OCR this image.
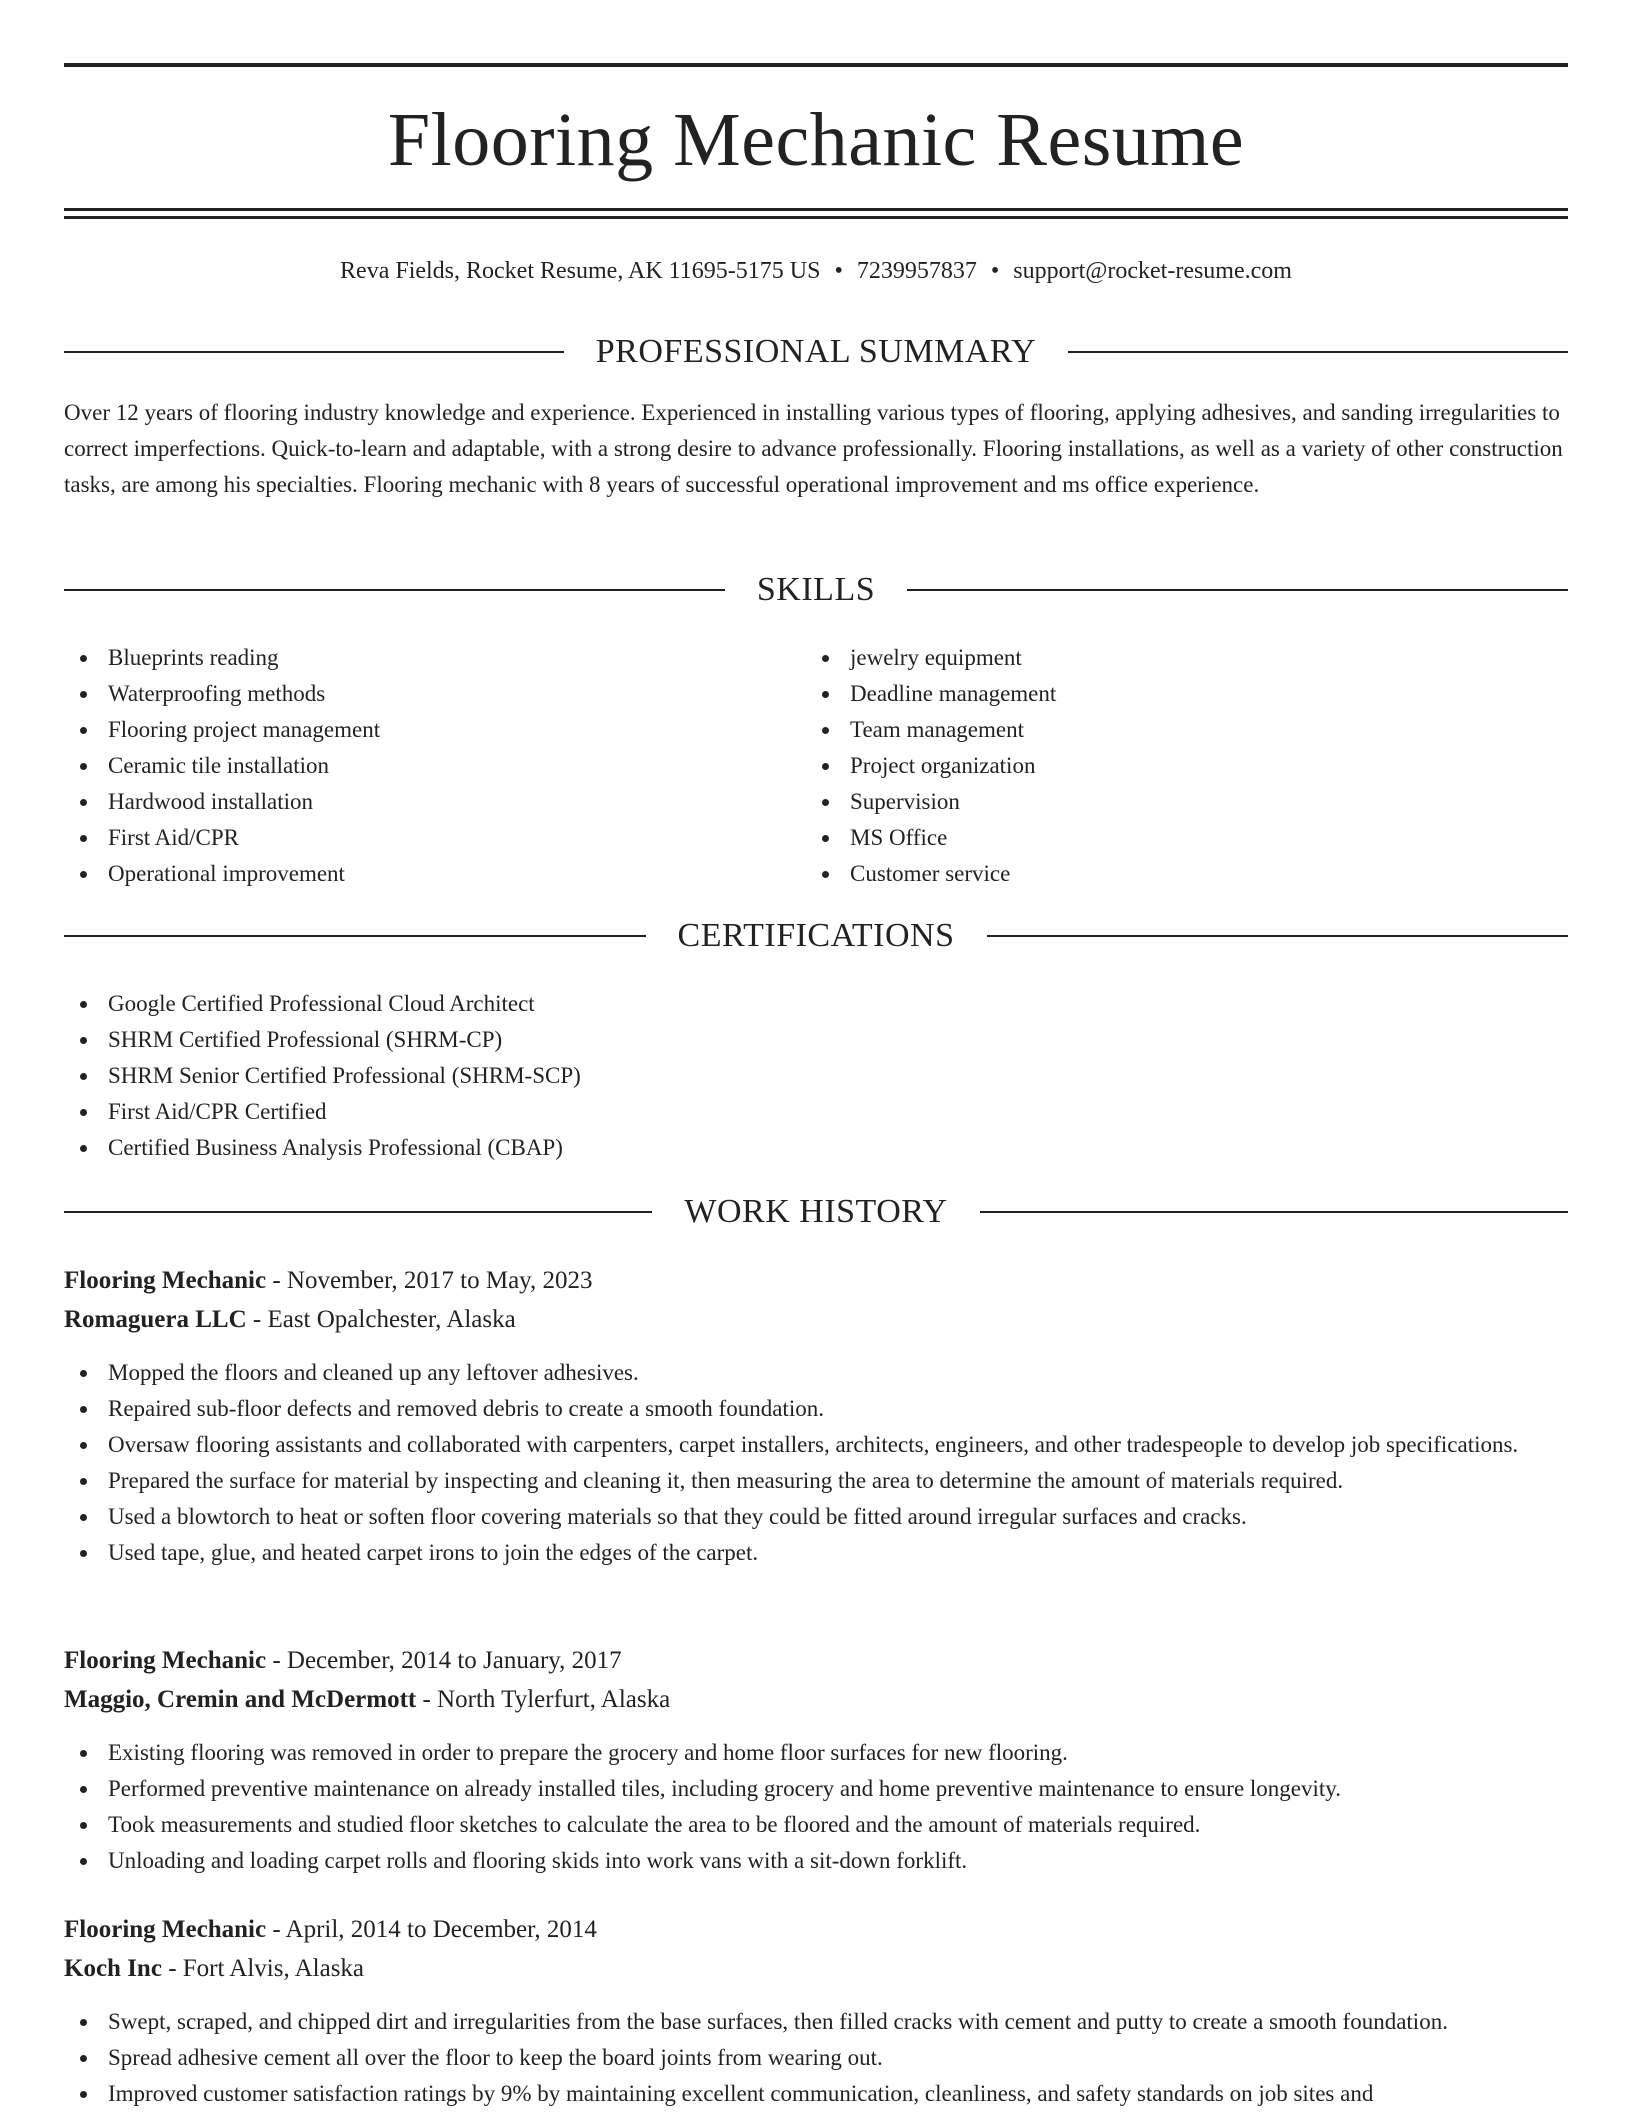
Flooring Mechanic Resume
Reva Fields, Rocket Resume, AK 11695-5175 US • 7239957837 • support@rocket-resume.com
PROFESSIONAL SUMMARY

Over 12 years of flooring industry knowledge and experience. Experienced in installing various types of flooring, applying adhesives, and sanding irregularities to correct imperfections. Quick-to-learn and adaptable, with a strong desire to advance professionally. Flooring installations, as well as a variety of other construction tasks, are among his specialties. Flooring mechanic with 8 years of successful operational improvement and ms office experience.

SKILLS
Blueprints reading
Waterproofing methods
Flooring project management
Ceramic tile installation
Hardwood installation
First Aid/CPR
Operational improvement
jewelry equipment
Deadline management
Team management
Project organization
Supervision
MS Office
Customer service
CERTIFICATIONS
Google Certified Professional Cloud Architect
SHRM Certified Professional (SHRM-CP)
SHRM Senior Certified Professional (SHRM-SCP)
First Aid/CPR Certified
Certified Business Analysis Professional (CBAP)
WORK HISTORY
Flooring Mechanic - November, 2017 to May, 2023
Romaguera LLC - East Opalchester, Alaska
Mopped the floors and cleaned up any leftover adhesives.
Repaired sub-floor defects and removed debris to create a smooth foundation.
Oversaw flooring assistants and collaborated with carpenters, carpet installers, architects, engineers, and other tradespeople to develop job specifications.
Prepared the surface for material by inspecting and cleaning it, then measuring the area to determine the amount of materials required.
Used a blowtorch to heat or soften floor covering materials so that they could be fitted around irregular surfaces and cracks.
Used tape, glue, and heated carpet irons to join the edges of the carpet.
Flooring Mechanic - December, 2014 to January, 2017
Maggio, Cremin and McDermott - North Tylerfurt, Alaska
Existing flooring was removed in order to prepare the grocery and home floor surfaces for new flooring.
Performed preventive maintenance on already installed tiles, including grocery and home preventive maintenance to ensure longevity.
Took measurements and studied floor sketches to calculate the area to be floored and the amount of materials required.
Unloading and loading carpet rolls and flooring skids into work vans with a sit-down forklift.
Flooring Mechanic - April, 2014 to December, 2014
Koch Inc - Fort Alvis, Alaska
Swept, scraped, and chipped dirt and irregularities from the base surfaces, then filled cracks with cement and putty to create a smooth foundation.
Spread adhesive cement all over the floor to keep the board joints from wearing out.
Improved customer satisfaction ratings by 9% by maintaining excellent communication, cleanliness, and safety standards on job sites and
